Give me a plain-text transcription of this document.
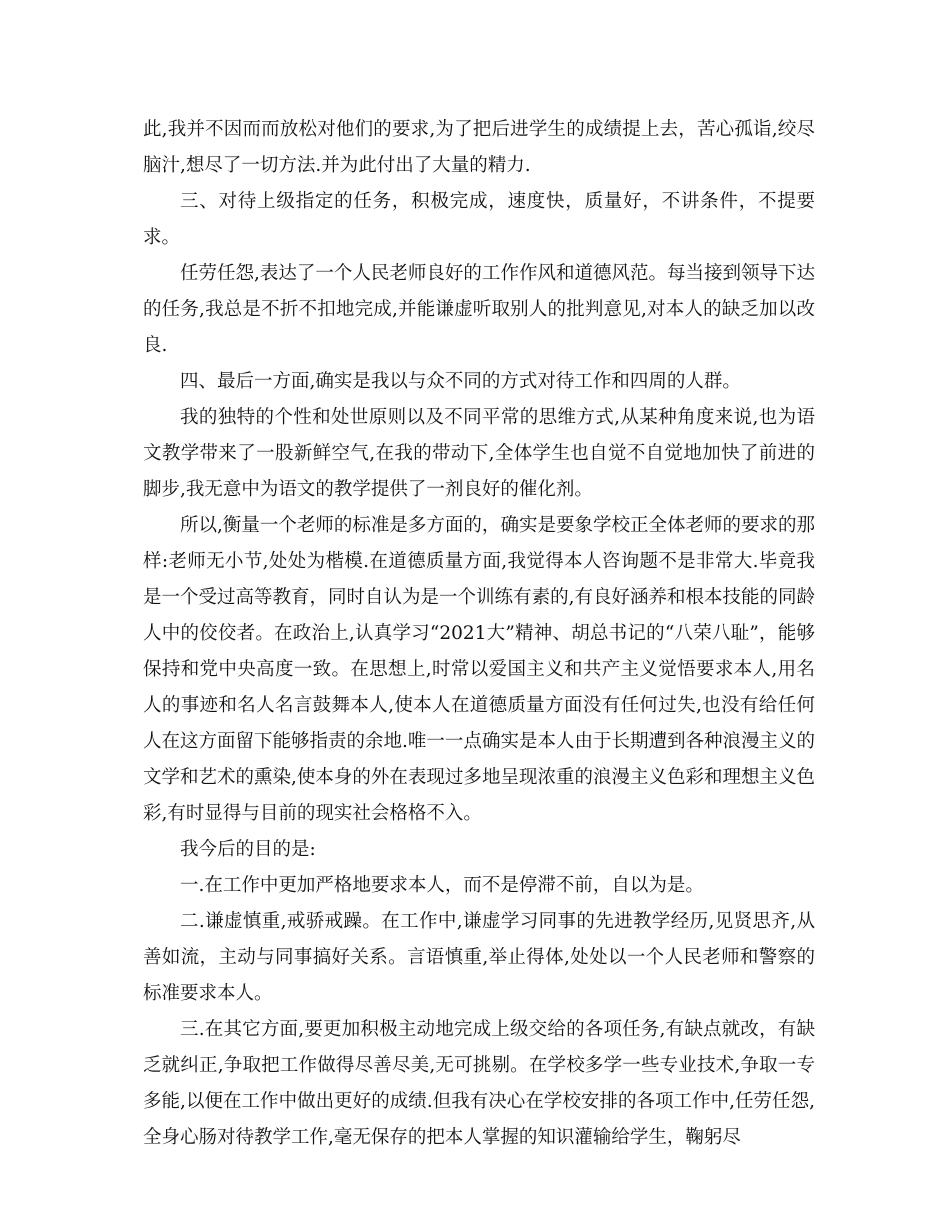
此,我并不因而而放松对他们的要求,为了把后进学生的成绩提上去，苦心孤诣,绞尽脑汁,想尽了一切方法.并为此付出了大量的精力.

三、对待上级指定的任务，积极完成，速度快，质量好，不讲条件，不提要求。

任劳任怨,表达了一个人民老师良好的工作作风和道德风范。每当接到领导下达的任务,我总是不折不扣地完成,并能谦虚听取别人的批判意见,对本人的缺乏加以改良.

四、最后一方面,确实是我以与众不同的方式对待工作和四周的人群。

我的独特的个性和处世原则以及不同平常的思维方式,从某种角度来说,也为语文教学带来了一股新鲜空气,在我的带动下,全体学生也自觉不自觉地加快了前进的脚步,我无意中为语文的教学提供了一剂良好的催化剂。

所以,衡量一个老师的标准是多方面的，确实是要象学校正全体老师的要求的那样:老师无小节,处处为楷模.在道德质量方面,我觉得本人咨询题不是非常大.毕竟我是一个受过高等教育，同时自认为是一个训练有素的,有良好涵养和根本技能的同龄人中的佼佼者。在政治上,认真学习“2021大”精神、胡总书记的“八荣八耻”，能够保持和党中央高度一致。在思想上,时常以爱国主义和共产主义觉悟要求本人,用名人的事迹和名人名言鼓舞本人,使本人在道德质量方面没有任何过失,也没有给任何人在这方面留下能够指责的余地.唯一一点确实是本人由于长期遭到各种浪漫主义的文学和艺术的熏染,使本身的外在表现过多地呈现浓重的浪漫主义色彩和理想主义色彩,有时显得与目前的现实社会格格不入。

我今后的目的是:

一.在工作中更加严格地要求本人，而不是停滞不前，自以为是。

二.谦虚慎重,戒骄戒躁。在工作中,谦虚学习同事的先进教学经历,见贤思齐,从善如流，主动与同事搞好关系。言语慎重,举止得体,处处以一个人民老师和警察的标准要求本人。

三.在其它方面,要更加积极主动地完成上级交给的各项任务,有缺点就改，有缺乏就纠正,争取把工作做得尽善尽美,无可挑剔。在学校多学一些专业技术,争取一专多能,以便在工作中做出更好的成绩.但我有决心在学校安排的各项工作中,任劳任怨,全身心肠对待教学工作,毫无保存的把本人掌握的知识灌输给学生，鞠躬尽
